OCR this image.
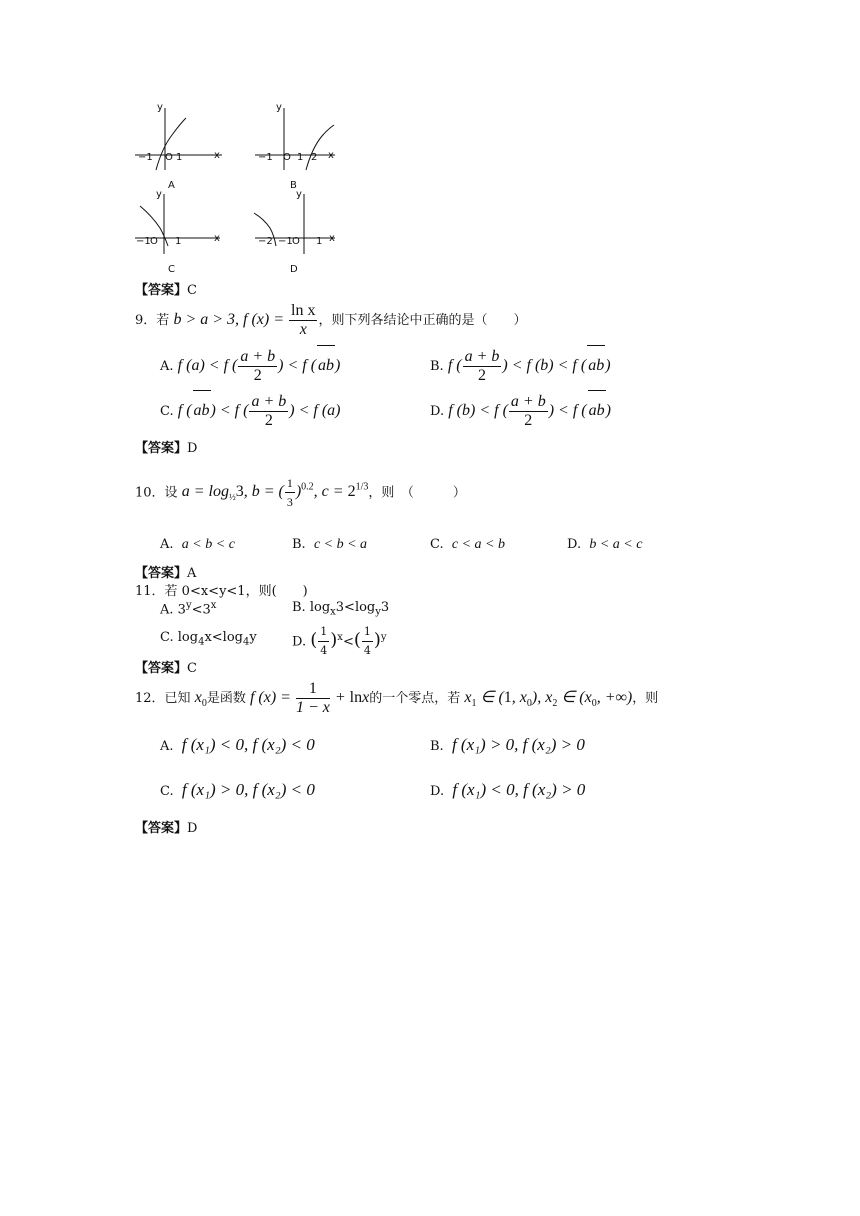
y
x
−1 O 1
A
y
x
−1 O 1 2
B
y
x
−1 O 1
C
y
x
−2 −1 O 1
D
【答案】C
9．若 b > a > 3, f $(x) = \frac{\text{ln x}}{x}$ ，则下列各结论中正确的是（　　）
A. f (a) < f ( $\frac{a + b}{2}$ ) < f ( ab)	B. f ( $\frac{a + b}{2}$ ) < f (b) < f ( ab)
C. f ( ab) < f ( $\frac{a + b}{2}$ ) < f (a)	D. f (b) < f ( $\frac{a + b}{2}$ ) < f ( ab)
【答案】D
10．设 $a = \log_{\frac{1}{2}}3$, b = ( $\frac{1}{3} )^{0.2}$, $c = 2^{1/3}$，则　（　　　）
A. a < b < c	B. c < b < a	C. c < a < b	D. b < a < c
【答案】A
11．若 0<x<y<1，则(　　)
A. $3^y<3^x$	B. $\log_x3<\log_y3$
C. $\log_4x<\log_4y$	D. ( $\frac{1}{4} )^x<( \frac{1}{4} )^y$
【答案】C
12．已知 $x_0$是函数 f $(x) = \frac{1}{1 - x} + \ln x$的一个零点，若 $x_1$ ∈ (1, $x_0$), $x_2$ ∈ ($x_0$, +∞)，则
A. f (x₁) < 0, f (x₂) < 0	B. f (x₁) > 0, f (x₂) > 0
C. f (x₁) > 0, f (x₂) < 0	D. f (x₁) < 0, f (x₂) > 0
【答案】D
